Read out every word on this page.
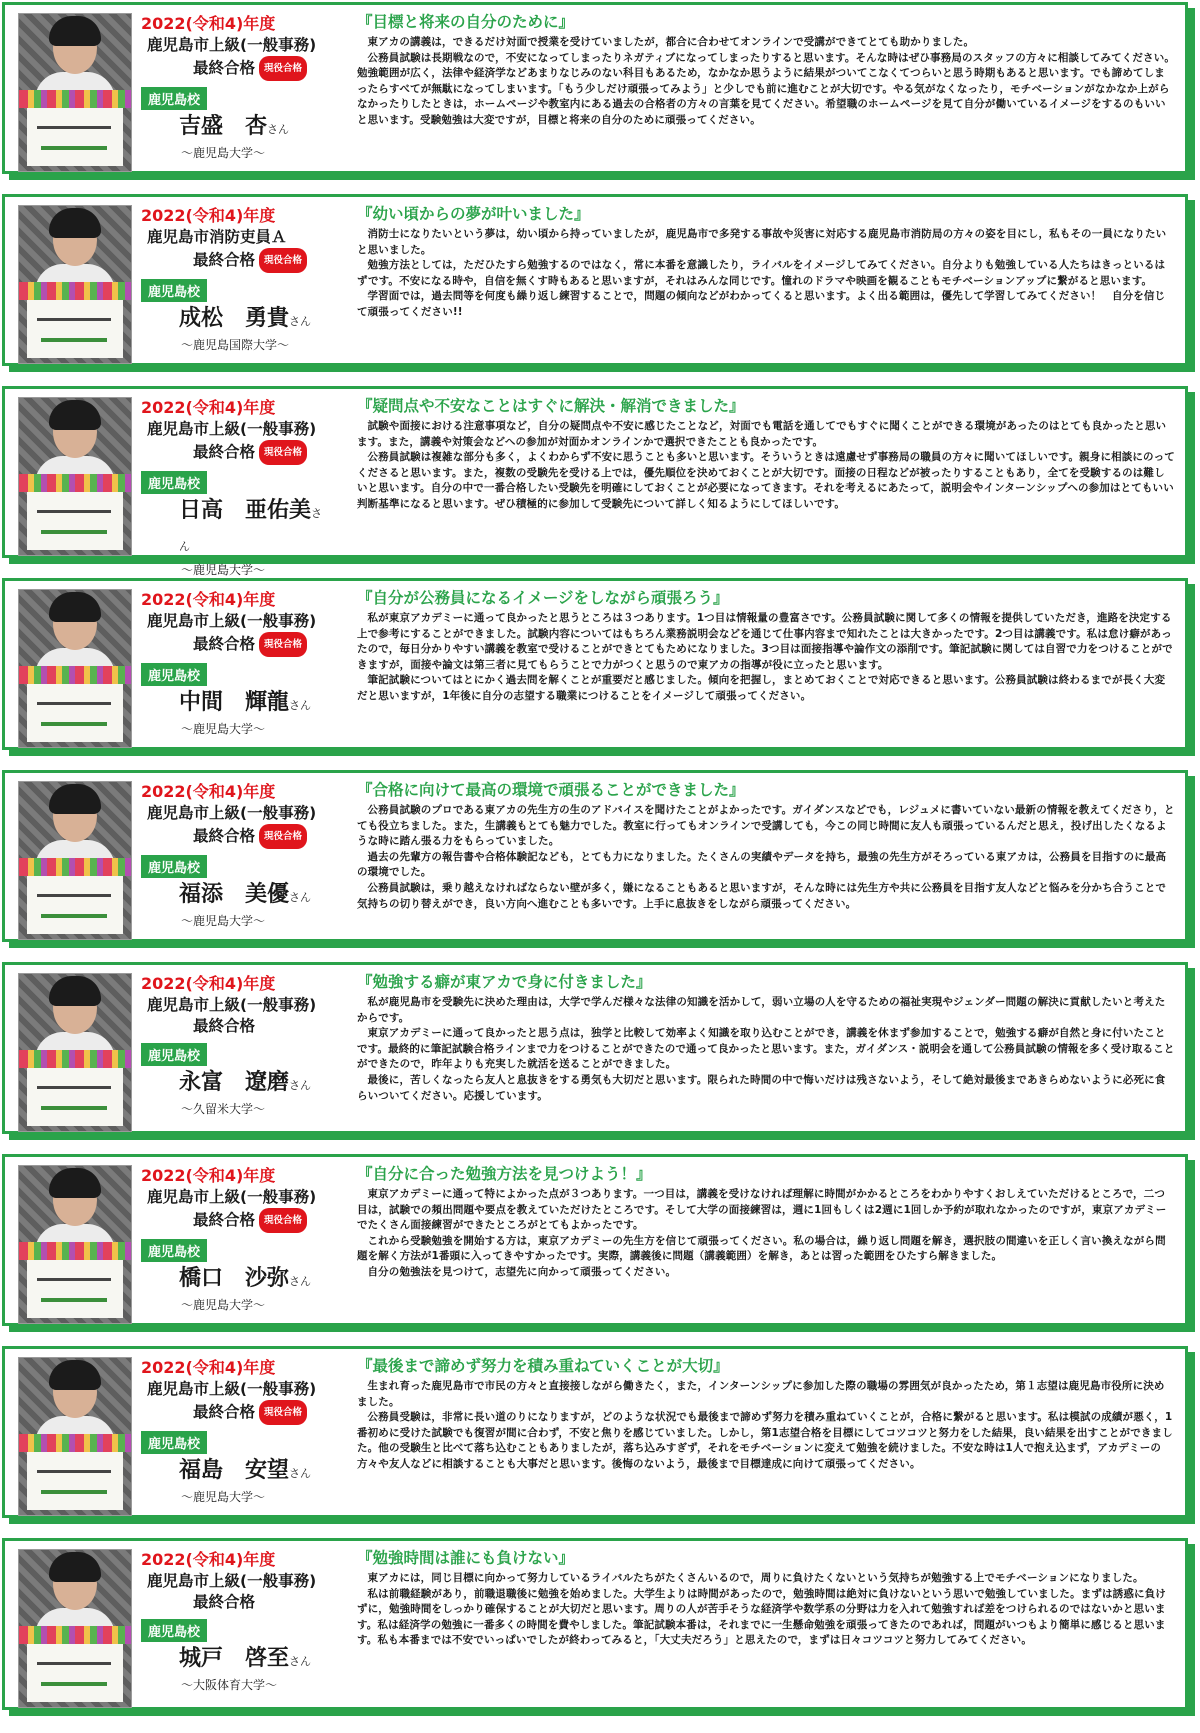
2022(令和4)年度
鹿児島市上級(一般事務)
最終合格 現役合格
鹿児島校
吉盛　杏さん
〜鹿児島大学〜
『目標と将来の自分のために』

東アカの講義は，できるだけ対面で授業を受けていましたが，都合に合わせてオンラインで受講ができてとても助かりました。

公務員試験は長期戦なので，不安になってしまったりネガティブになってしまったりすると思います。そんな時はぜひ事務局のスタッフの方々に相談してみてください。勉強範囲が広く，法律や経済学などあまりなじみのない科目もあるため，なかなか思うように結果がついてこなくてつらいと思う時期もあると思います。でも諦めてしまったらすべてが無駄になってしまいます。「もう少しだけ頑張ってみよう」と少しでも前に進むことが大切です。やる気がなくなったり，モチベーションがなかなか上がらなかったりしたときは，ホームページや教室内にある過去の合格者の方々の言葉を見てください。希望職のホームページを見て自分が働いているイメージをするのもいいと思います。受験勉強は大変ですが，目標と将来の自分のために頑張ってください。

2022(令和4)年度
鹿児島市消防吏員Ａ
最終合格 現役合格
鹿児島校
成松　勇貴さん
〜鹿児島国際大学〜
『幼い頃からの夢が叶いました』

消防士になりたいという夢は，幼い頃から持っていましたが，鹿児島市で多発する事故や災害に対応する鹿児島市消防局の方々の姿を目にし，私もその一員になりたいと思いました。

勉強方法としては，ただひたすら勉強するのではなく，常に本番を意識したり，ライバルをイメージしてみてください。自分よりも勉強している人たちはきっといるはずです。不安になる時や，自信を無くす時もあると思いますが，それはみんな同じです。憧れのドラマや映画を観ることもモチベーションアップに繋がると思います。

学習面では，過去問等を何度も繰り返し練習することで，問題の傾向などがわかってくると思います。よく出る範囲は，優先して学習してみてください！　自分を信じて頑張ってください!!

2022(令和4)年度
鹿児島市上級(一般事務)
最終合格 現役合格
鹿児島校
日高　亜佑美さん
〜鹿児島大学〜
『疑問点や不安なことはすぐに解決・解消できました』

試験や面接における注意事項など，自分の疑問点や不安に感じたことなど，対面でも電話を通してでもすぐに聞くことができる環境があったのはとても良かったと思います。また，講義や対策会などへの参加が対面かオンラインかで選択できたことも良かったです。

公務員試験は複雑な部分も多く，よくわからず不安に思うことも多いと思います。そういうときは遠慮せず事務局の職員の方々に聞いてほしいです。親身に相談にのってくださると思います。また，複数の受験先を受ける上では，優先順位を決めておくことが大切です。面接の日程などが被ったりすることもあり，全てを受験するのは難しいと思います。自分の中で一番合格したい受験先を明確にしておくことが必要になってきます。それを考えるにあたって，説明会やインターンシップへの参加はとてもいい判断基準になると思います。ぜひ積極的に参加して受験先について詳しく知るようにしてほしいです。

2022(令和4)年度
鹿児島市上級(一般事務)
最終合格 現役合格
鹿児島校
中間　輝龍さん
〜鹿児島大学〜
『自分が公務員になるイメージをしながら頑張ろう』

私が東京アカデミーに通って良かったと思うところは３つあります。1つ目は情報量の豊富さです。公務員試験に関して多くの情報を提供していただき，進路を決定する上で参考にすることができました。試験内容についてはもちろん業務説明会などを通じて仕事内容まで知れたことは大きかったです。2つ目は講義です。私は怠け癖があったので，毎日分かりやすい講義を教室で受けることができとてもためになりました。3つ目は面接指導や論作文の添削です。筆記試験に関しては自習で力をつけることができますが，面接や論文は第三者に見てもらうことで力がつくと思うので東アカの指導が役に立ったと思います。

筆記試験についてはとにかく過去問を解くことが重要だと感じました。傾向を把握し，まとめておくことで対応できると思います。公務員試験は終わるまでが長く大変だと思いますが，1年後に自分の志望する職業につけることをイメージして頑張ってください。

2022(令和4)年度
鹿児島市上級(一般事務)
最終合格 現役合格
鹿児島校
福添　美優さん
〜鹿児島大学〜
『合格に向けて最高の環境で頑張ることができました』

公務員試験のプロである東アカの先生方の生のアドバイスを聞けたことがよかったです。ガイダンスなどでも，レジュメに書いていない最新の情報を教えてくださり，とても役立ちました。また，生講義もとても魅力でした。教室に行ってもオンラインで受講しても，今この同じ時間に友人も頑張っているんだと思え，投げ出したくなるような時に踏ん張る力をもらっていました。

過去の先輩方の報告書や合格体験記なども，とても力になりました。たくさんの実績やデータを持ち，最強の先生方がそろっている東アカは，公務員を目指すのに最高の環境でした。

公務員試験は，乗り越えなければならない壁が多く，嫌になることもあると思いますが，そんな時には先生方や共に公務員を目指す友人などと悩みを分かち合うことで気持ちの切り替えができ，良い方向へ進むことも多いです。上手に息抜きをしながら頑張ってください。

2022(令和4)年度
鹿児島市上級(一般事務)
最終合格
鹿児島校
永富　遼磨さん
〜久留米大学〜
『勉強する癖が東アカで身に付きました』

私が鹿児島市を受験先に決めた理由は，大学で学んだ様々な法律の知識を活かして，弱い立場の人を守るための福祉実現やジェンダー問題の解決に貢献したいと考えたからです。

東京アカデミーに通って良かったと思う点は，独学と比較して効率よく知識を取り込むことができ，講義を休まず参加することで，勉強する癖が自然と身に付いたことです。最終的に筆記試験合格ラインまで力をつけることができたので通って良かったと思います。また，ガイダンス・説明会を通して公務員試験の情報を多く受け取ることができたので，昨年よりも充実した就活を送ることができました。

最後に，苦しくなったら友人と息抜きをする勇気も大切だと思います。限られた時間の中で悔いだけは残さないよう，そして絶対最後まであきらめないように必死に食らいついてください。応援しています。

2022(令和4)年度
鹿児島市上級(一般事務)
最終合格 現役合格
鹿児島校
橋口　沙弥さん
〜鹿児島大学〜
『自分に合った勉強方法を見つけよう！』

東京アカデミーに通って特によかった点が３つあります。一つ目は，講義を受けなければ理解に時間がかかるところをわかりやすくおしえていただけるところで，二つ目は，試験での頻出問題や要点を教えていただけたところです。そして大学の面接練習は，週に1回もしくは2週に1回しか予約が取れなかったのですが，東京アカデミーでたくさん面接練習ができたところがとてもよかったです。

これから受験勉強を開始する方は，東京アカデミーの先生方を信じて頑張ってください。私の場合は，繰り返し問題を解き，選択肢の間違いを正しく言い換えながら問題を解く方法が1番頭に入ってきやすかったです。実際，講義後に問題（講義範囲）を解き，あとは習った範囲をひたすら解きました。

自分の勉強法を見つけて，志望先に向かって頑張ってください。

2022(令和4)年度
鹿児島市上級(一般事務)
最終合格 現役合格
鹿児島校
福島　安望さん
〜鹿児島大学〜
『最後まで諦めず努力を積み重ねていくことが大切』

生まれ育った鹿児島市で市民の方々と直接接しながら働きたく，また，インターンシップに参加した際の職場の雰囲気が良かったため，第１志望は鹿児島市役所に決めました。

公務員受験は，非常に長い道のりになりますが，どのような状況でも最後まで諦めず努力を積み重ねていくことが，合格に繋がると思います。私は模試の成績が悪く，1番初めに受けた試験でも復習が間に合わず，不安と焦りを感じていました。しかし，第1志望合格を目標にしてコツコツと努力をした結果，良い結果を出すことができました。他の受験生と比べて落ち込むこともありましたが，落ち込みすぎず，それをモチベーションに変えて勉強を続けました。不安な時は1人で抱え込まず，アカデミーの方々や友人などに相談することも大事だと思います。後悔のないよう，最後まで目標達成に向けて頑張ってください。

2022(令和4)年度
鹿児島市上級(一般事務)
最終合格
鹿児島校
城戸　啓至さん
〜大阪体育大学〜
『勉強時間は誰にも負けない』

東アカには，同じ目標に向かって努力しているライバルたちがたくさんいるので，周りに負けたくないという気持ちが勉強する上でモチベーションになりました。

私は前職経験があり，前職退職後に勉強を始めました。大学生よりは時間があったので，勉強時間は絶対に負けないという思いで勉強していました。まずは誘惑に負けずに，勉強時間をしっかり確保することが大切だと思います。周りの人が苦手そうな経済学や数学系の分野は力を入れて勉強すれば差をつけられるのではないかと思います。私は経済学の勉強に一番多くの時間を費やしました。筆記試験本番は，それまでに一生懸命勉強を頑張ってきたのであれば，問題がいつもより簡単に感じると思います。私も本番までは不安でいっぱいでしたが終わってみると，「大丈夫だろう」と思えたので，まずは日々コツコツと努力してみてください。
